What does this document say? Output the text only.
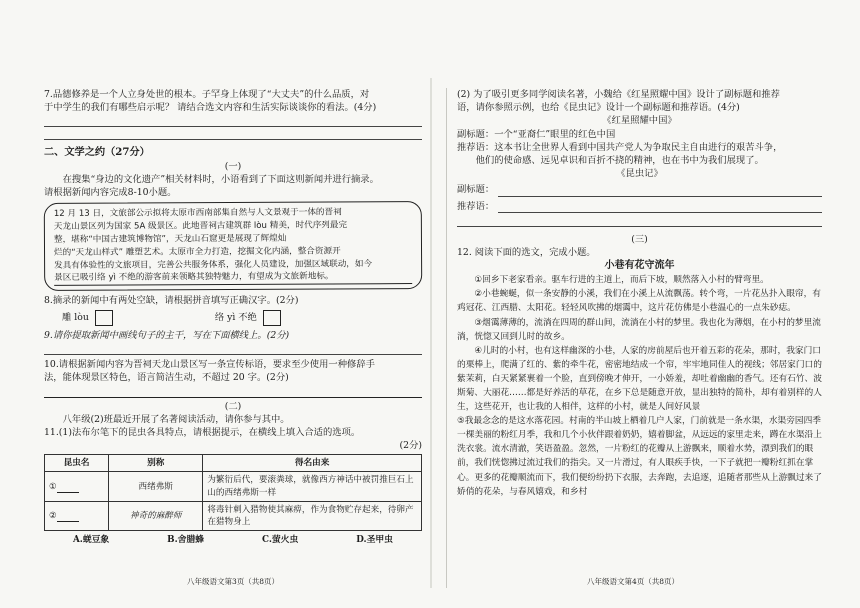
7.品德修养是一个人立身处世的根本。子罕身上体现了“大丈夫”的什么品质，对

于中学生的我们有哪些启示呢？ 请结合选文内容和生活实际谈谈你的看法。(4分)

二、文学之约（27分）

(一)

在搜集“身边的文化遗产”相关材料时，小语看到了下面这则新闻并进行摘录。

请根据新闻内容完成8-10小题。

12 月 13 日，文旅部公示拟将太原市西南部集自然与人文景观于一体的晋祠

天龙山景区列为国家 5A 级景区。此地晋祠古建筑群 lòu 精美，时代序列最完

整，堪称“中国古建筑博物馆”，天龙山石窟更是展现了辉煌灿

烂的“天龙山样式” 雕塑艺术。太原市全力打造，挖掘文化内涵，整合资源开

发具有体验性的文旅项目，完善公共服务体系，强化人员建设，加强区域联动，如今

景区已吸引络 yì 不绝的游客前来领略其独特魅力，有望成为文旅新地标。

8.摘录的新闻中有两处空缺，请根据拼音填写正确汉字。(2分)

雕 lòu	络 yì 不绝

9.请你提取新闻中画线句子的主干，写在下面横线上。(2分)

10.请根据新闻内容为晋祠天龙山景区写一条宣传标语，要求至少使用一种修辞手

法，能体现景区特色，语言简洁生动，不超过 20 字。(2分)

(二)

八年级(2)班最近开展了名著阅读活动，请你参与其中。

11.(1)法布尔笔下的昆虫各具特点，请根据提示，在横线上填入合适的选项。

(2分)

昆虫名	别称	得名由来
①	西绪弗斯	为繁衍后代，要滚粪球，就像西方神话中被罚推巨石上山的西绪弗斯一样
②	神奇的麻醉师	将毒针刺入猎物使其麻痹，作为食物贮存起来，待卵产在猎物身上
A.蜣豆象	B.舍腊蜂	C.萤火虫	D.圣甲虫
八年级语文第3页（共8页）

(2) 为了吸引更多同学阅读名著，小魏给《红星照耀中国》设计了副标题和推荐

语，请你参照示例，也给《昆虫记》设计一个副标题和推荐语。(4分)

《红星照耀中国》

副标题：一个“亚裔仁”眼里的红色中国

推荐语：这本书让全世界人看到中国共产党人为争取民主自由进行的艰苦斗争，

他们的使命感、远见卓识和百折不挠的精神，也在书中为我们展现了。

《昆虫记》

副标题：
推荐语：

(三)

12. 阅读下面的选文，完成小题。

小巷有花守流年

①回乡下老家看亲。驱车行进的主道上，而后下坡，顺然落入小村的臂弯里。

②小巷蜿蜒，似一条安静的小溪，我们在小溪上从流飘荡。转个弯，一片花丛扑入眼帘，有鸡冠花、江西腊、太阳花。轻轻风吹拂的烟霭中，这片花仿佛是小巷温心的一点朱砂痣。

③烟霭薄薄的，流淌在四周的群山间，流淌在小村的梦里。我也化为薄烟，在小村的梦里流淌，恍惚又回到儿时的故乡。

④儿时的小村，也有这样幽深的小巷，人家的房前屋后也开着五彩的花朵，那时，我家门口的栗棒上，爬满了红的、紫的牵牛花，密密地结成一个帘，牢牢地同佳人的视线；邻居家门口的紫茉莉，白天紧紧裹着一个脸，直到傍晚才伸开，一小娇羞，却吐着幽幽的香气。还有石竹、波斯菊、大丽花……都是好养活的草花，在乡下总是随意开放，显出独特的简朴，却有着别样的人生，这些花开，也让我的人相伴，这样的小村，就是人间好风景

⑤我最念念的是这水落花园。村南的半山坡上栖着几户人家，门前就是一条水渠，水渠旁园四季一棵美丽的粉红月季，我和几个小伙伴跟着奶奶，嬉着脚盆，从远远的家里走来，蹲在水渠沿上洗衣裳。流水清澈，笑语盈盈。忽然，一片粉红的花瓣从上游飘来，顺着水势，漂到我们的眼前，我们恍惚拂过流过我们的指尖。又一片滑过，有人眼疾手快，一下子就把一瓣粉红抓在掌心。更多的花瓣顺流而下，我们便纷纷扔下衣服，去奔跑，去追逐，追随者那些从上游飘过来了娇俏的花朵，与春风嬉戏，和乡村

八年级语文第4页（共8页）
